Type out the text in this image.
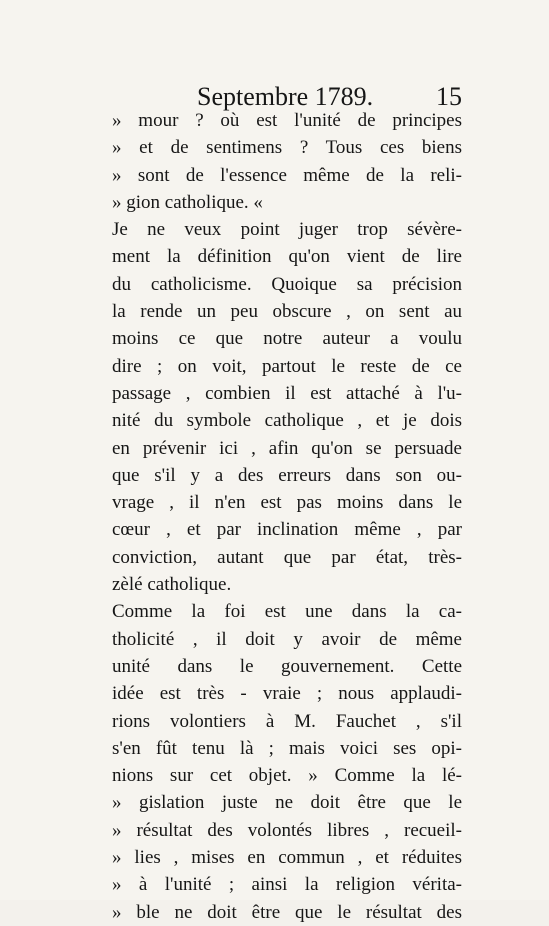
Septembre 1789. 15
» mour ? où est l'unité de principes
» et de sentimens ? Tous ces biens
» sont de l'essence même de la reli-
» gion catholique. «
Je ne veux point juger trop sévère-
ment la définition qu'on vient de lire
du catholicisme. Quoique sa précision
la rende un peu obscure , on sent au
moins ce que notre auteur a voulu
dire ; on voit, partout le reste de ce
passage , combien il est attaché à l'u-
nité du symbole catholique , et je dois
en prévenir ici , afin qu'on se persuade
que s'il y a des erreurs dans son ou-
vrage , il n'en est pas moins dans le
cœur , et par inclination même , par
conviction, autant que par état, très-
zèlé catholique.
Comme la foi est une dans la ca-
tholicité , il doit y avoir de même
unité dans le gouvernement. Cette
idée est très - vraie ; nous applaudi-
rions volontiers à M. Fauchet , s'il
s'en fût tenu là ; mais voici ses opi-
nions sur cet objet. » Comme la lé-
» gislation juste ne doit être que le
» résultat des volontés libres , recueil-
» lies , mises en commun , et réduites
» à l'unité ; ainsi la religion vérita-
» ble ne doit être que le résultat des
